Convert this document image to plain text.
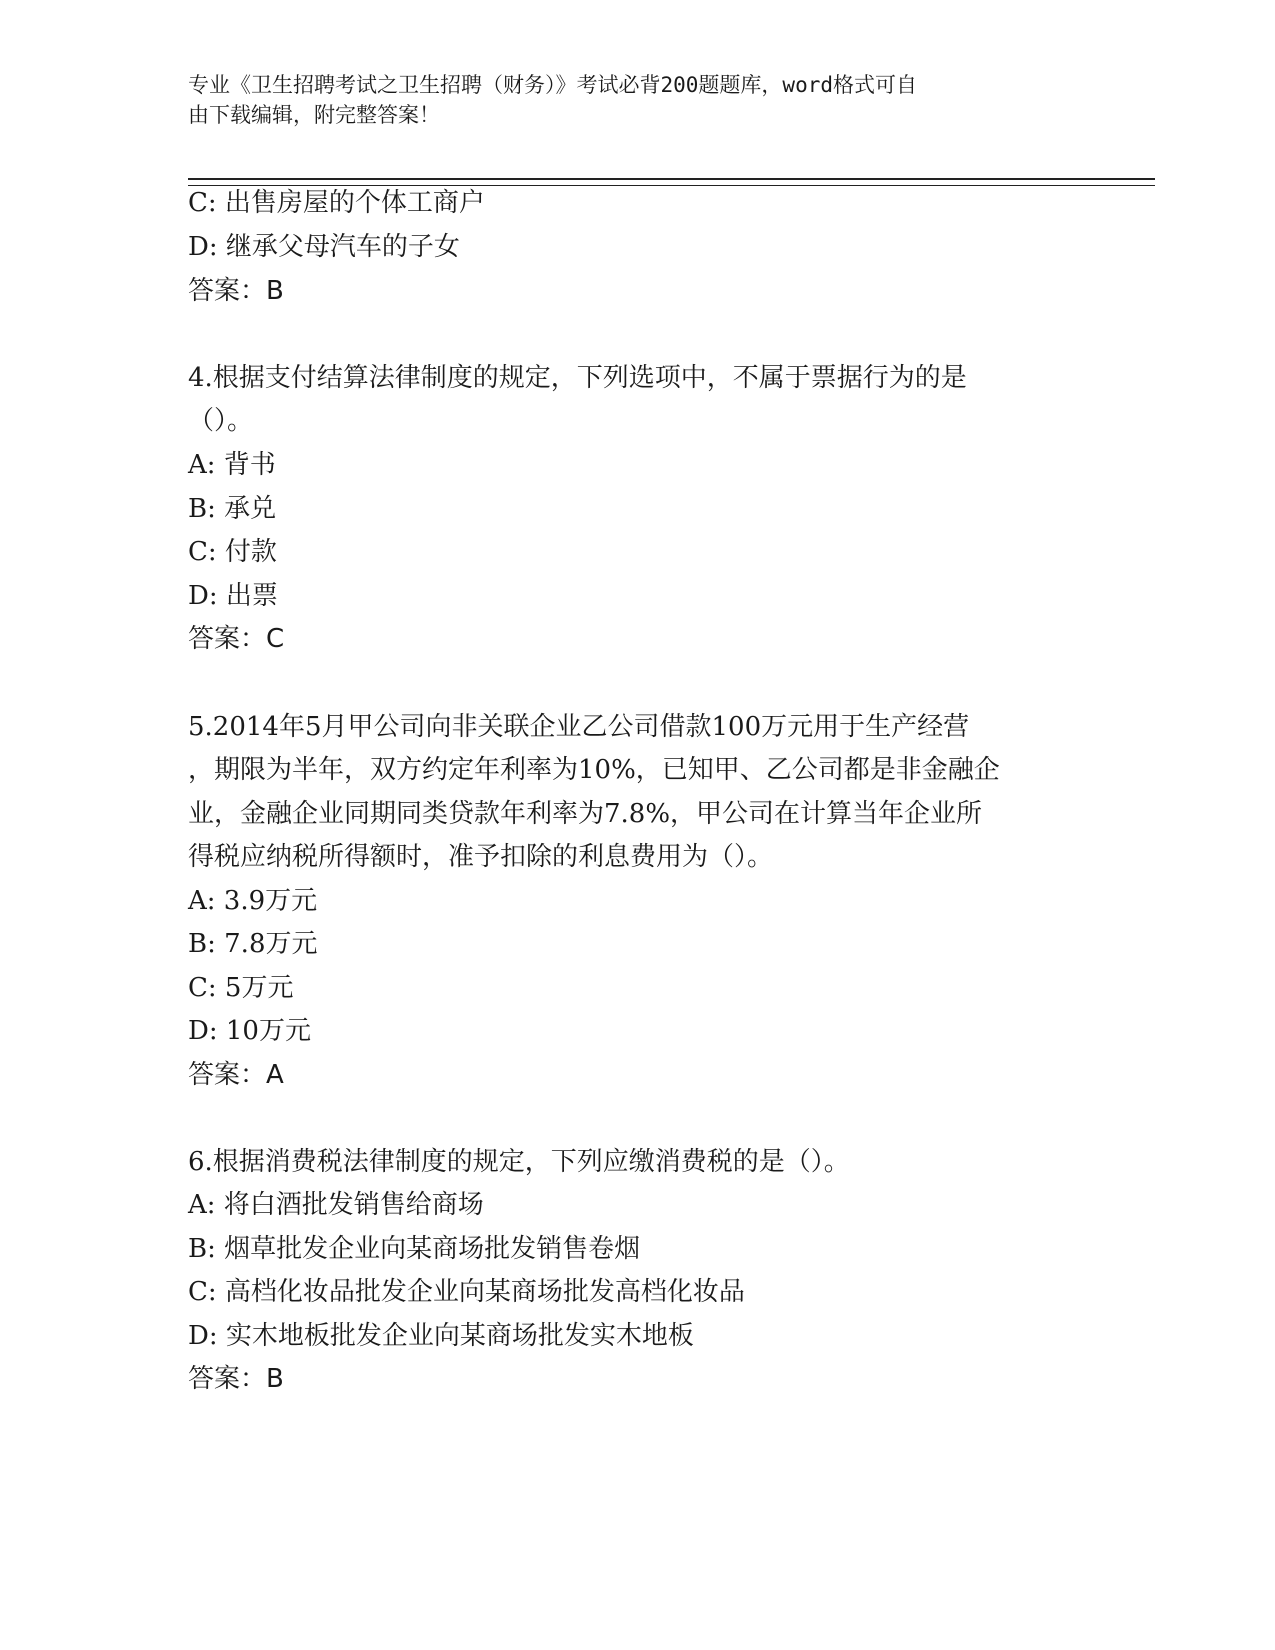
专业《卫生招聘考试之卫生招聘（财务）》考试必背200题题库，word格式可自
由下载编辑，附完整答案！
C: 出售房屋的个体工商户
D: 继承父母汽车的子女
答案：B
4.根据支付结算法律制度的规定，下列选项中，不属于票据行为的是
（）。
A: 背书
B: 承兑
C: 付款
D: 出票
答案：C
5.2014年5月甲公司向非关联企业乙公司借款100万元用于生产经营
，期限为半年，双方约定年利率为10%，已知甲、乙公司都是非金融企
业，金融企业同期同类贷款年利率为7.8%，甲公司在计算当年企业所
得税应纳税所得额时，准予扣除的利息费用为（）。
A: 3.9万元
B: 7.8万元
C: 5万元
D: 10万元
答案：A
6.根据消费税法律制度的规定，下列应缴消费税的是（）。
A: 将白酒批发销售给商场
B: 烟草批发企业向某商场批发销售卷烟
C: 高档化妆品批发企业向某商场批发高档化妆品
D: 实木地板批发企业向某商场批发实木地板
答案：B
